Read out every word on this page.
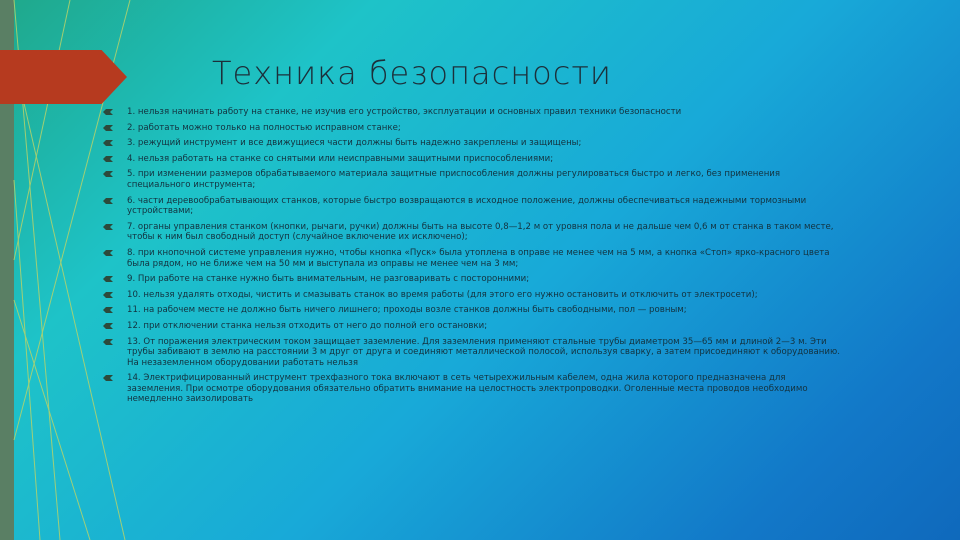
Техника безопасности
1. нельзя начинать работу на станке, не изучив его устройство, эксплуатации и основных правил техники безопасности
2. работать можно только на полностью исправном станке;
3. режущий инструмент и все движущиеся части должны быть надежно закреплены и защищены;
4. нельзя работать на станке со снятыми или неисправными защитными приспособлениями;
5. при изменении размеров обрабатываемого материала защитные приспособления должны регулироваться быстро и легко, без применения специального инструмента;
6. части деревообрабатывающих станков, которые быстро возвращаются в исходное положение, должны обеспечиваться надежными тормозными устройствами;
7. органы управления станком (кнопки, рычаги, ручки) должны быть на высоте 0,8—1,2 м от уровня пола и не дальше чем 0,6 м от станка в таком месте, чтобы к ним был свободный доступ (случайное включение их исключено);
8. при кнопочной системе управления нужно, чтобы кнопка «Пуск» была утоплена в оправе не менее чем на 5 мм, а кнопка «Стоп» ярко-красного цвета была рядом, но не ближе чем на 50 мм и выступала из оправы не менее чем на 3 мм;
9. При работе на станке нужно быть внимательным, не разговаривать с посторонними;
10. нельзя удалять отходы, чистить и смазывать станок во время работы (для этого его нужно остановить и отключить от электросети);
11. на рабочем месте не должно быть ничего лишнего; проходы возле станков должны быть свободными, пол — ровным;
12. при отключении станка нельзя отходить от него до полной его остановки;
13. От поражения электрическим током защищает заземление. Для заземления применяют стальные трубы диаметром 35—65 мм и длиной 2—3 м. Эти трубы забивают в землю на расстоянии 3 м друг от друга и соединяют металлической полосой, используя сварку, а затем присоединяют к оборудованию. На незаземленном оборудовании работать нельзя
14. Электрифицированный инструмент трехфазного тока включают в сеть четырехжильным кабелем, одна жила которого предназначена для заземления. При осмотре оборудования обязательно обратить внимание на целостность электропроводки. Оголенные места проводов необходимо немедленно заизолировать
